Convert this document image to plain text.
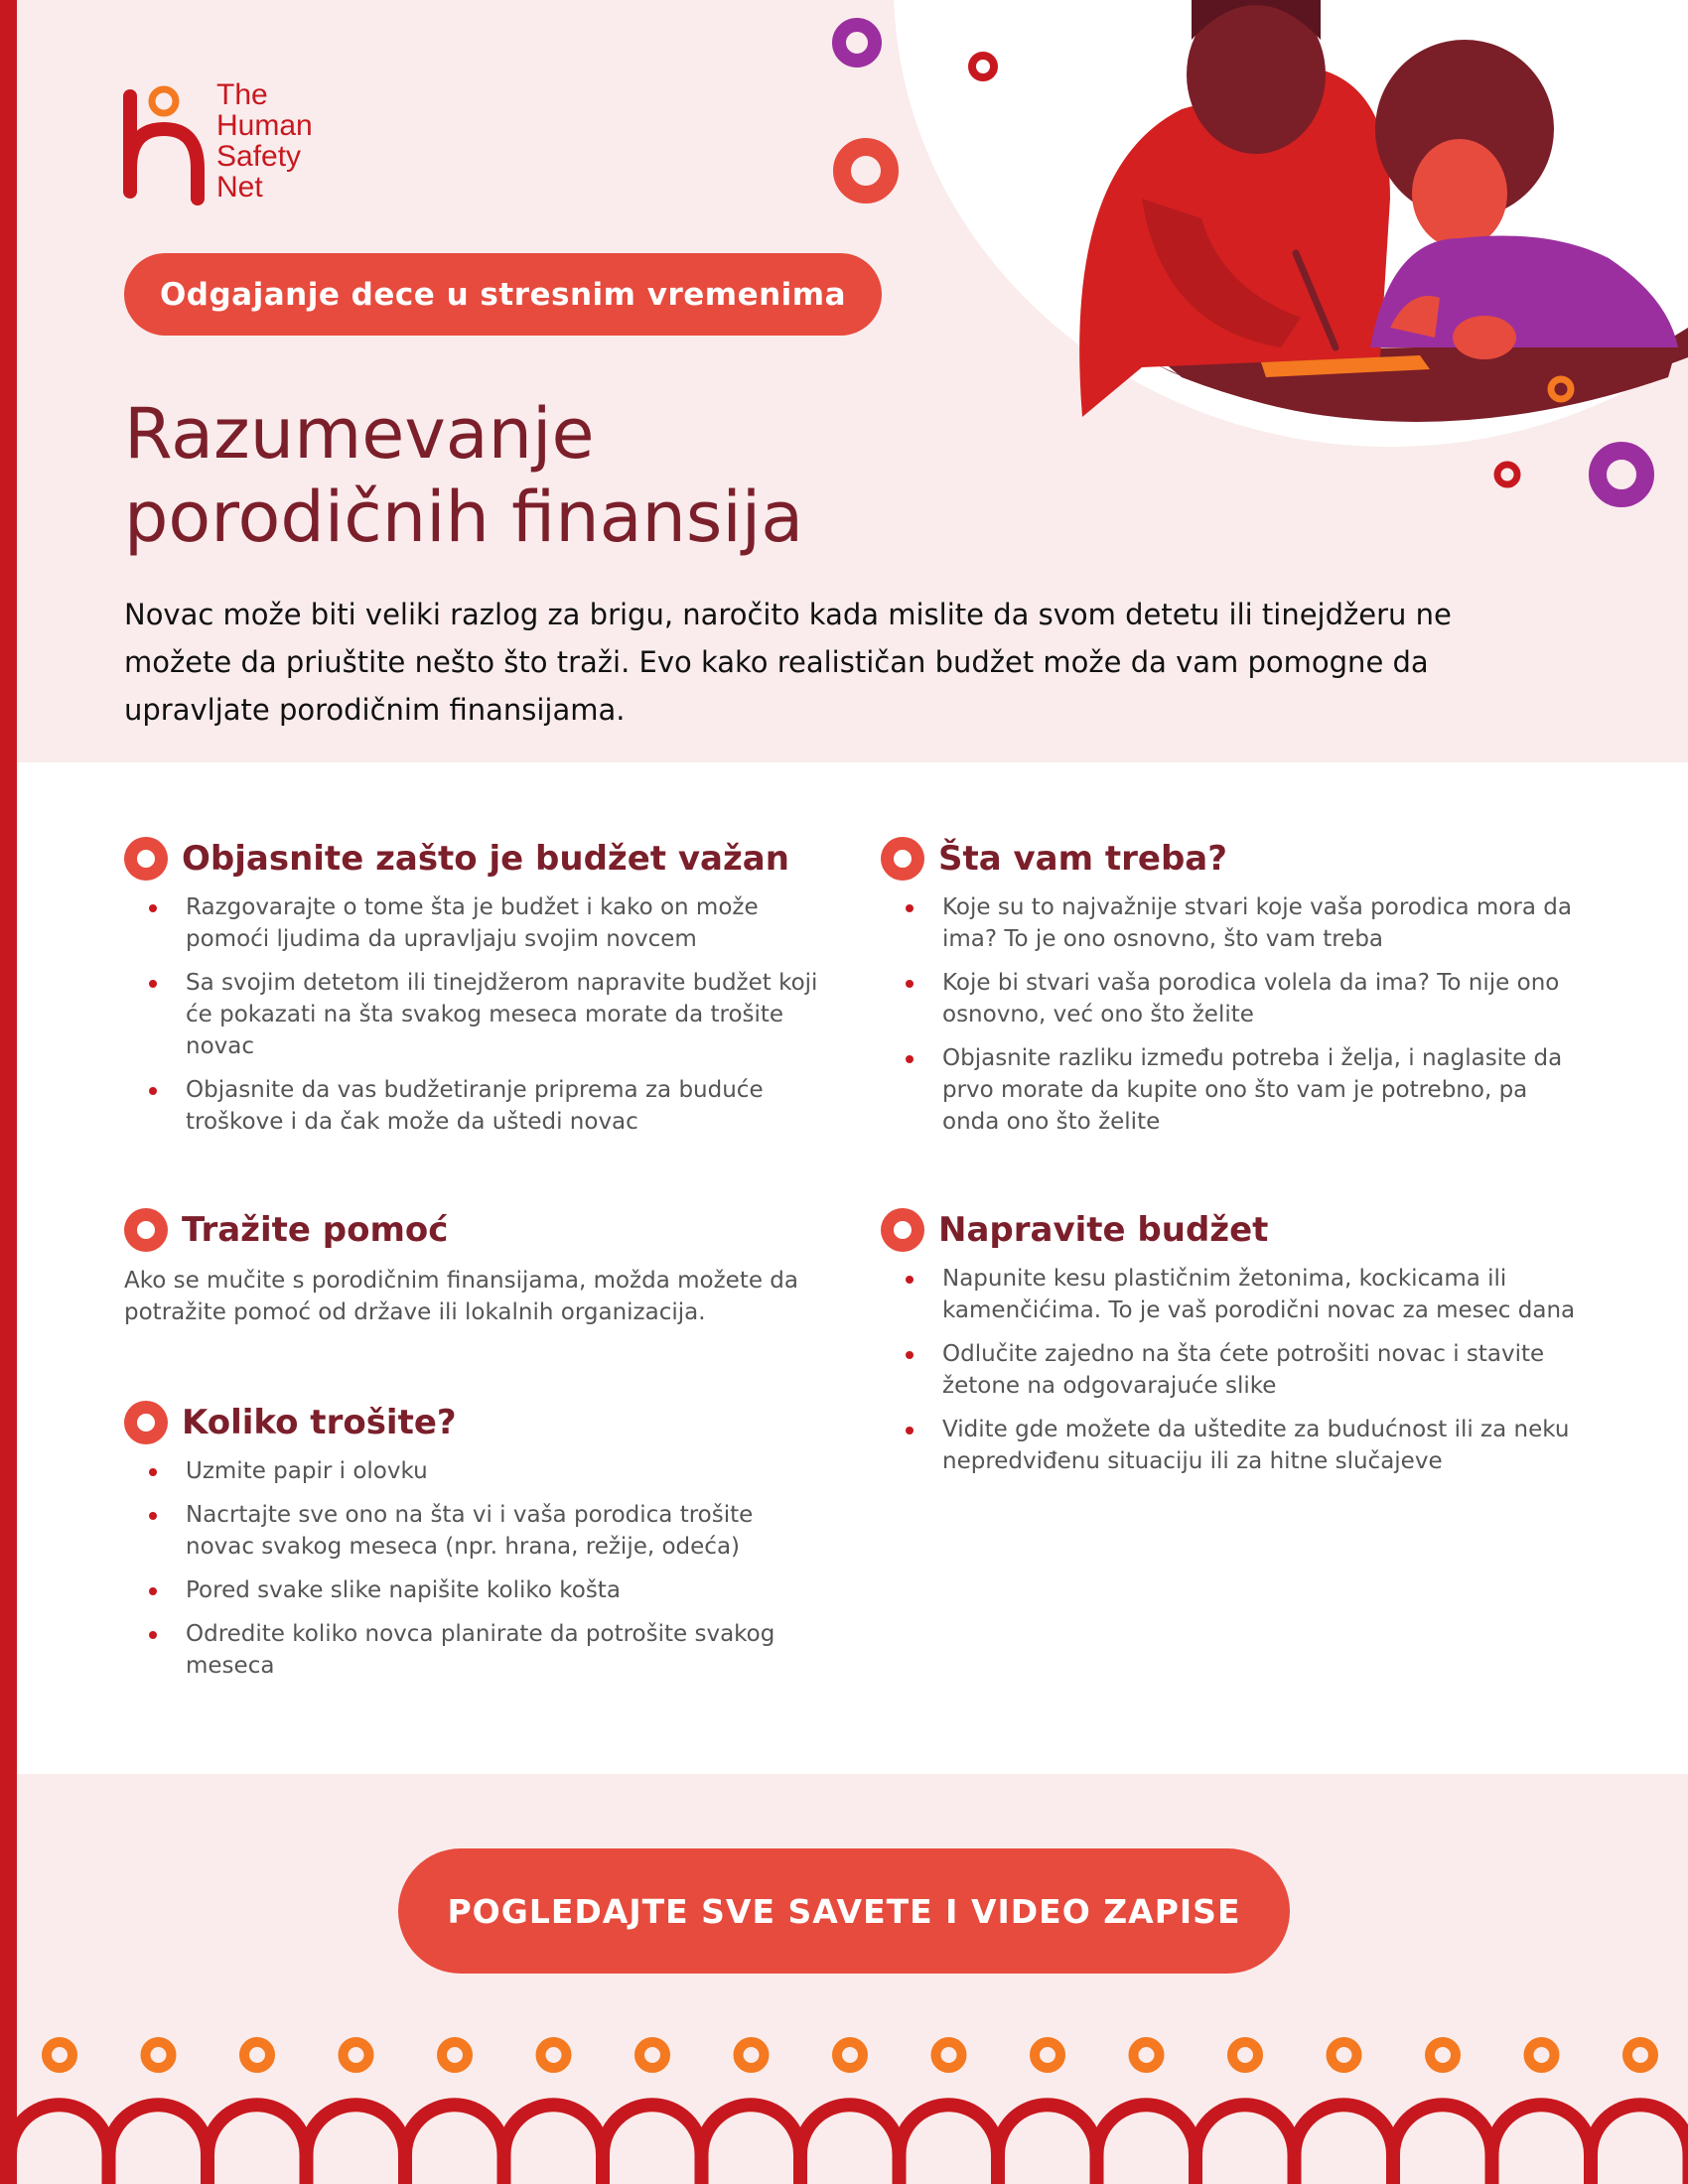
The
Human
Safety
Net
Odgajanje dece u stresnim vremenima
Razumevanje
porodičnih finansija

Novac može biti veliki razlog za brigu, naročito kada mislite da svom detetu ili tinejdžeru ne možete da priuštite nešto što traži. Evo kako realističan budžet može da vam pomogne da upravljate porodičnim finansijama.

Objasnite zašto je budžet važan
Razgovarajte o tome šta je budžet i kako on može pomoći ljudima da upravljaju svojim novcem
Sa svojim detetom ili tinejdžerom napravite budžet koji će pokazati na šta svakog meseca morate da trošite novac
Objasnite da vas budžetiranje priprema za buduće troškove i da čak može da uštedi novac
Tražite pomoć

Ako se mučite s porodičnim finansijama, možda možete da potražite pomoć od države ili lokalnih organizacija.

Koliko trošite?
Uzmite papir i olovku
Nacrtajte sve ono na šta vi i vaša porodica trošite novac svakog meseca (npr. hrana, režije, odeća)
Pored svake slike napišite koliko košta
Odredite koliko novca planirate da potrošite svakog meseca
Šta vam treba?
Koje su to najvažnije stvari koje vaša porodica mora da ima? To je ono osnovno, što vam treba
Koje bi stvari vaša porodica volela da ima? To nije ono osnovno, već ono što želite
Objasnite razliku između potreba i želja, i naglasite da prvo morate da kupite ono što vam je potrebno, pa onda ono što želite
Napravite budžet
Napunite kesu plastičnim žetonima, kockicama ili kamenčićima. To je vaš porodični novac za mesec dana
Odlučite zajedno na šta ćete potrošiti novac i stavite žetone na odgovarajuće slike
Vidite gde možete da uštedite za budućnost ili za neku nepredviđenu situaciju ili za hitne slučajeve
POGLEDAJTE SVE SAVETE I VIDEO ZAPISE
